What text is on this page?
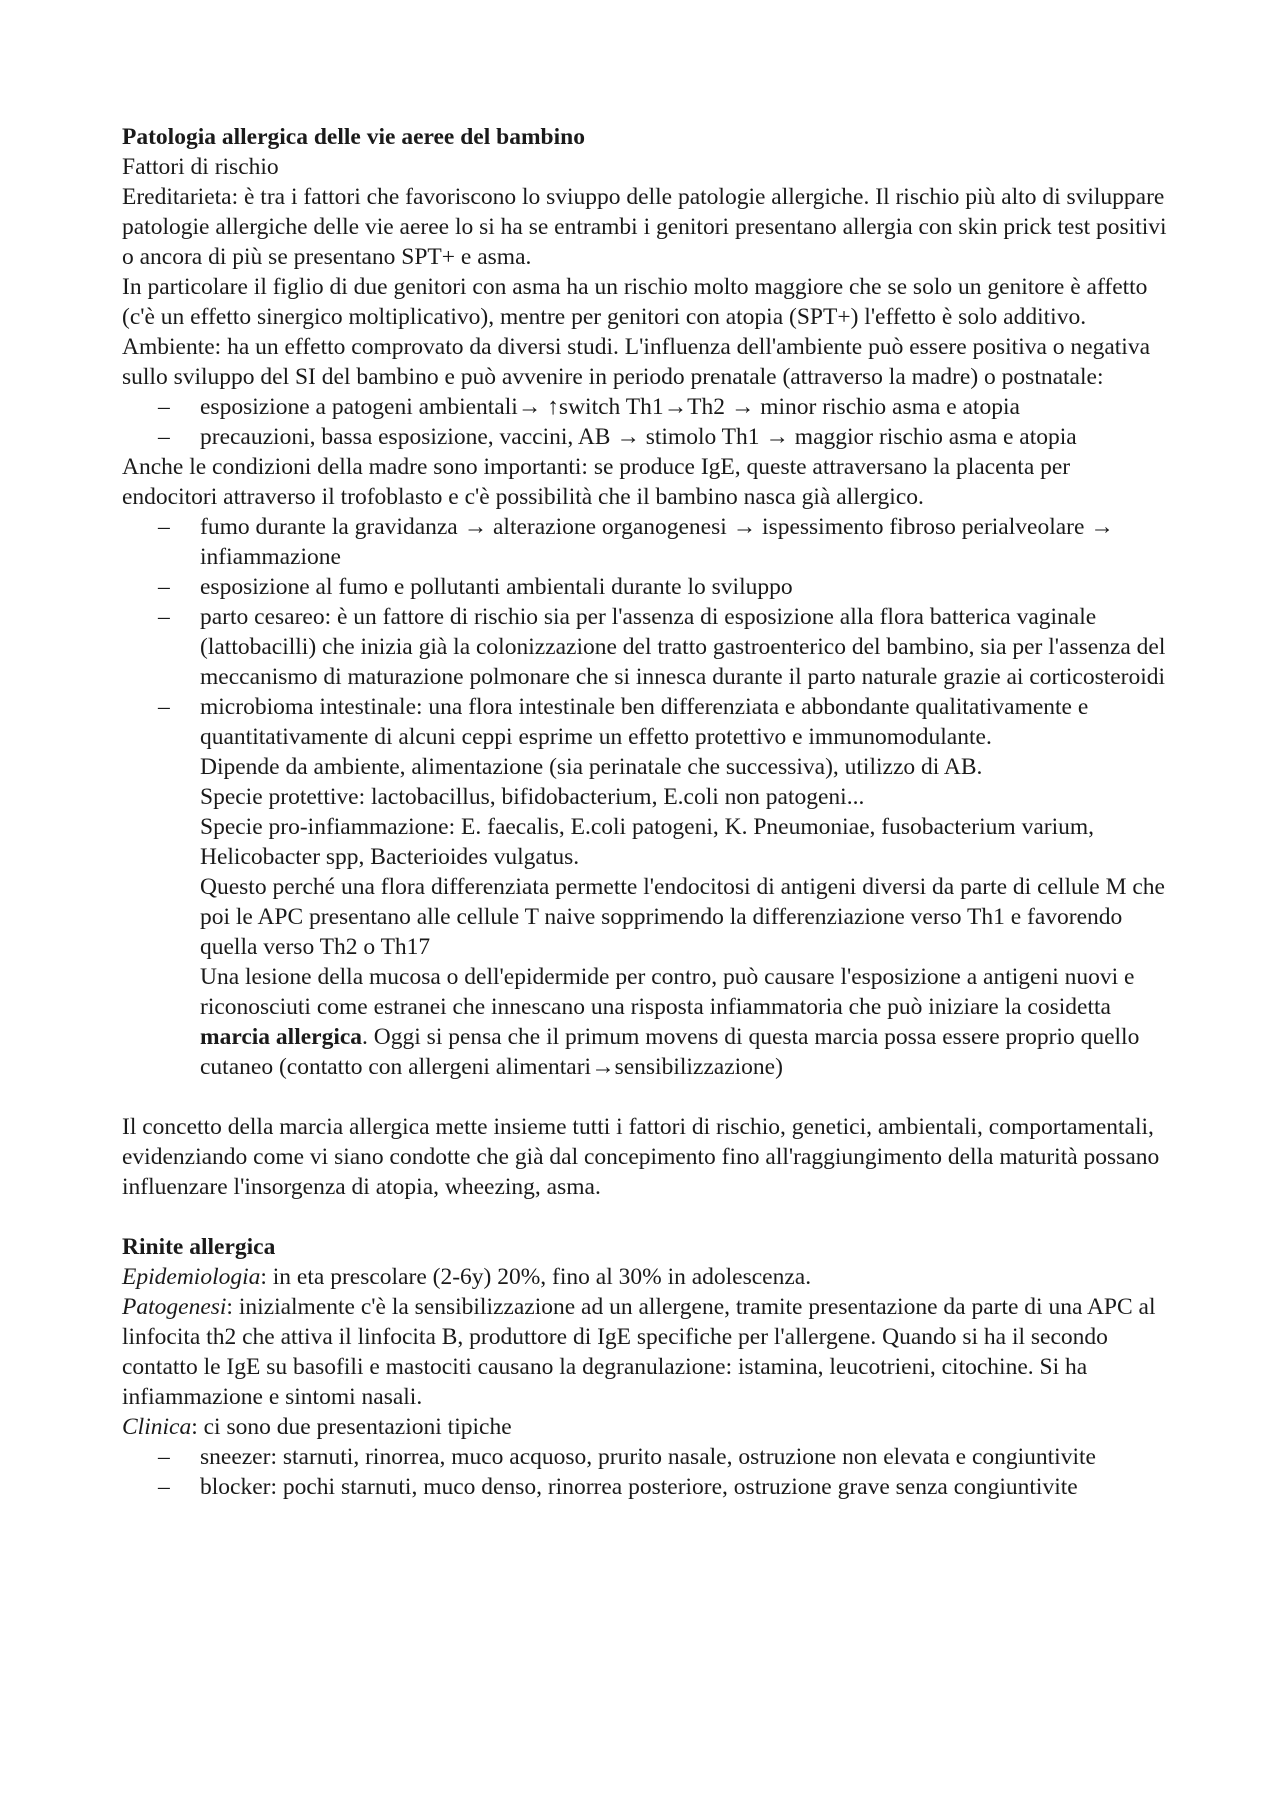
Patologia allergica delle vie aeree del bambino

Fattori di rischio

Ereditarieta: è tra i fattori che favoriscono lo sviuppo delle patologie allergiche. Il rischio più alto di sviluppare patologie allergiche delle vie aeree lo si ha se entrambi i genitori presentano allergia con skin prick test positivi o ancora di più se presentano SPT+ e asma.

In particolare il figlio di due genitori con asma ha un rischio molto maggiore che se solo un genitore è affetto (c'è un effetto sinergico moltiplicativo), mentre per genitori con atopia (SPT+) l'effetto è solo additivo.

Ambiente: ha un effetto comprovato da diversi studi. L'influenza dell'ambiente può essere positiva o negativa sullo sviluppo del SI del bambino e può avvenire in periodo prenatale (attraverso la madre) o postnatale:

– esposizione a patogeni ambientali→ ↑switch Th1→Th2 → minor rischio asma e atopia
– precauzioni, bassa esposizione, vaccini, AB → stimolo Th1 → maggior rischio asma e atopia

Anche le condizioni della madre sono importanti: se produce IgE, queste attraversano la placenta per endocitori attraverso il trofoblasto e c'è possibilità che il bambino nasca già allergico.

– fumo durante la gravidanza → alterazione organogenesi → ispessimento fibroso perialveolare → infiammazione
– esposizione al fumo e pollutanti ambientali durante lo sviluppo
– parto cesareo: è un fattore di rischio sia per l'assenza di esposizione alla flora batterica vaginale (lattobacilli) che inizia già la colonizzazione del tratto gastroenterico del bambino, sia per l'assenza del meccanismo di maturazione polmonare che si innesca durante il parto naturale grazie ai corticosteroidi

– microbioma intestinale: una flora intestinale ben differenziata e abbondante qualitativamente e quantitativamente di alcuni ceppi esprime un effetto protettivo e immunomodulante.

Dipende da ambiente, alimentazione (sia perinatale che successiva), utilizzo di AB.

Specie protettive: lactobacillus, bifidobacterium, E.coli non patogeni...

Specie pro-infiammazione: E. faecalis, E.coli patogeni, K. Pneumoniae, fusobacterium varium, Helicobacter spp, Bacterioides vulgatus.

Questo perché una flora differenziata permette l'endocitosi di antigeni diversi da parte di cellule M che poi le APC presentano alle cellule T naive sopprimendo la differenziazione verso Th1 e favorendo quella verso Th2 o Th17

Una lesione della mucosa o dell'epidermide per contro, può causare l'esposizione a antigeni nuovi e riconosciuti come estranei che innescano una risposta infiammatoria che può iniziare la cosidetta marcia allergica. Oggi si pensa che il primum movens di questa marcia possa essere proprio quello cutaneo (contatto con allergeni alimentari→sensibilizzazione)

Il concetto della marcia allergica mette insieme tutti i fattori di rischio, genetici, ambientali, comportamentali, evidenziando come vi siano condotte che già dal concepimento fino all'raggiungimento della maturità possano influenzare l'insorgenza di atopia, wheezing, asma.

Rinite allergica

Epidemiologia: in eta prescolare (2-6y) 20%, fino al 30% in adolescenza.

Patogenesi: inizialmente c'è la sensibilizzazione ad un allergene, tramite presentazione da parte di una APC al linfocita th2 che attiva il linfocita B, produttore di IgE specifiche per l'allergene. Quando si ha il secondo contatto le IgE su basofili e mastociti causano la degranulazione: istamina, leucotrieni, citochine. Si ha infiammazione e sintomi nasali.

Clinica: ci sono due presentazioni tipiche

– sneezer: starnuti, rinorrea, muco acquoso, prurito nasale, ostruzione non elevata e congiuntivite
– blocker: pochi starnuti, muco denso, rinorrea posteriore, ostruzione grave senza congiuntivite
